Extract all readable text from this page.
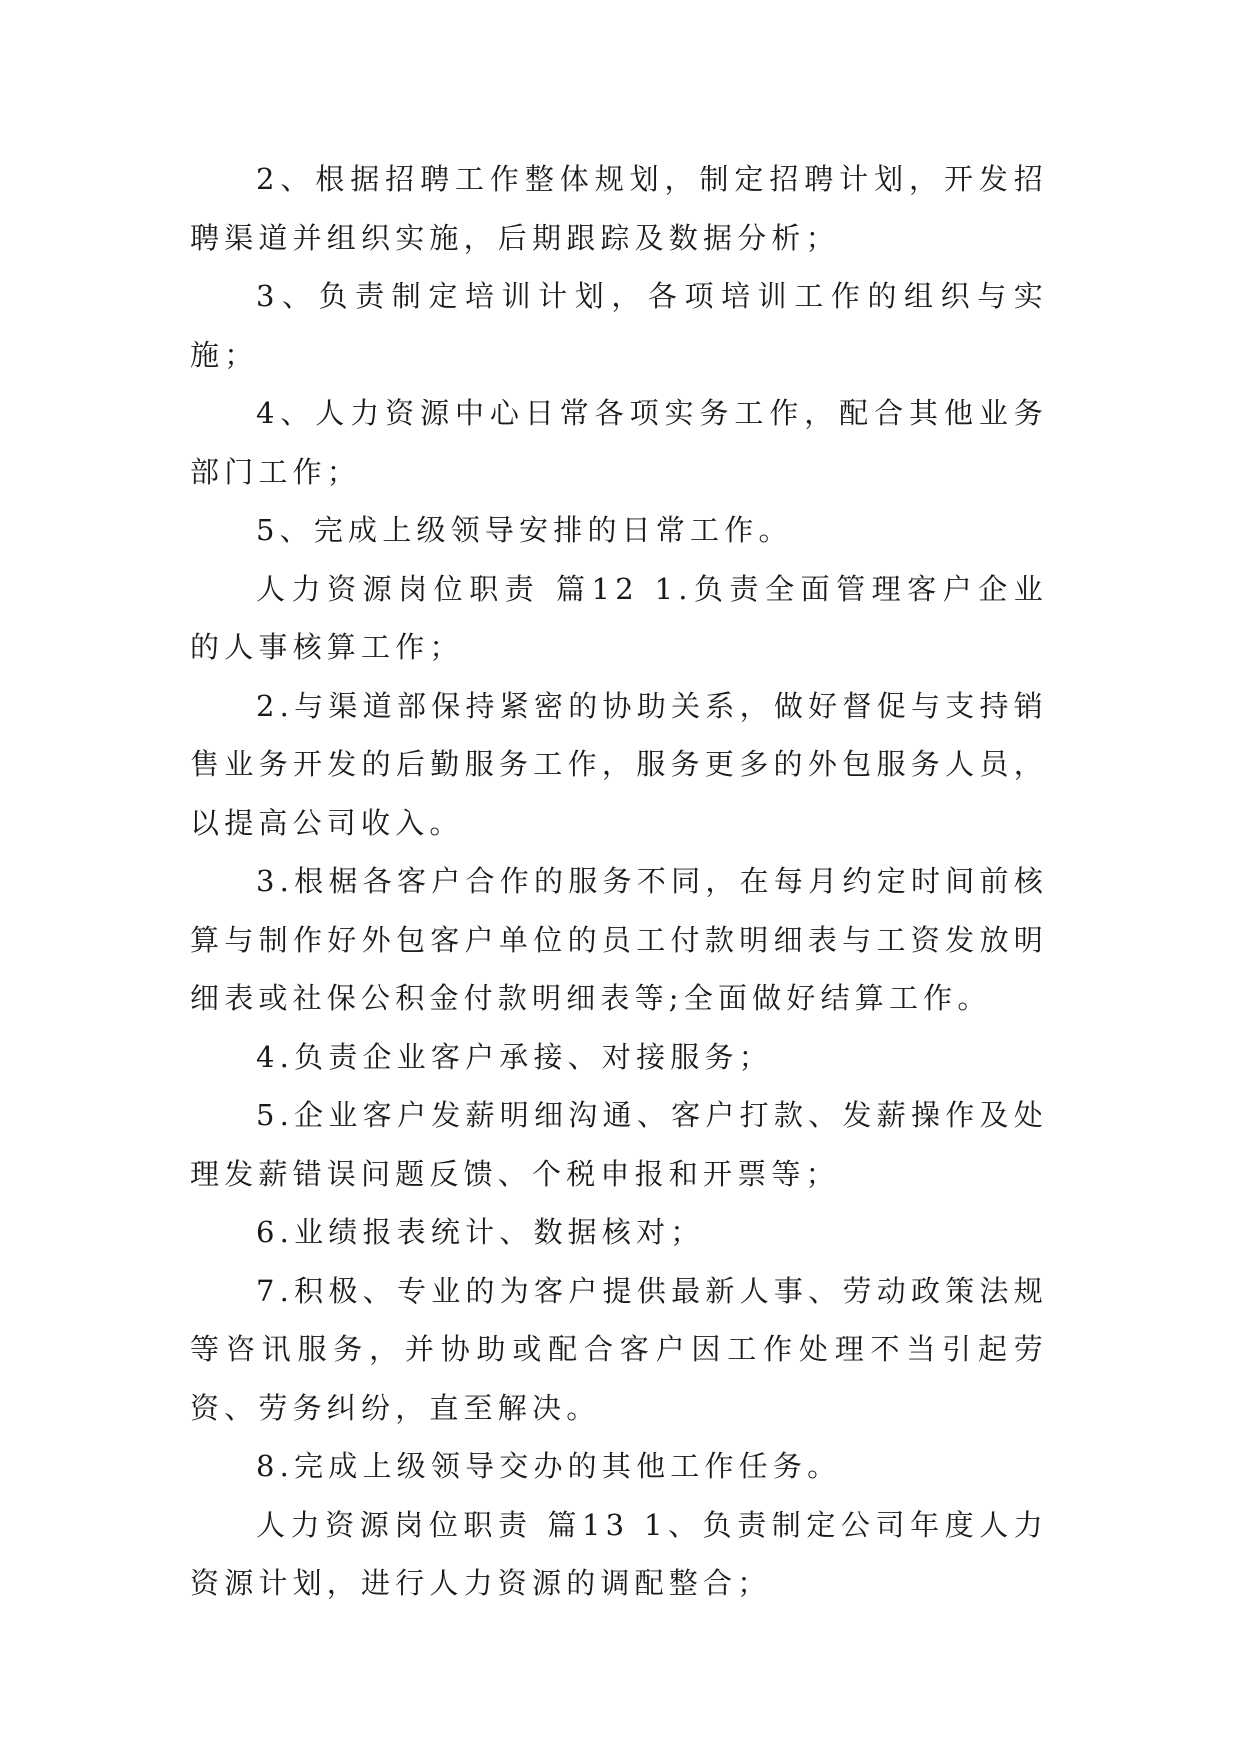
2、根据招聘工作整体规划，制定招聘计划，开发招聘渠道并组织实施，后期跟踪及数据分析；

3、负责制定培训计划，各项培训工作的组织与实施；

4、人力资源中心日常各项实务工作，配合其他业务部门工作；

5、完成上级领导安排的日常工作。

人力资源岗位职责 篇12 1.负责全面管理客户企业的人事核算工作；

2.与渠道部保持紧密的协助关系，做好督促与支持销售业务开发的后勤服务工作，服务更多的外包服务人员，以提高公司收入。

3.根椐各客户合作的服务不同，在每月约定时间前核算与制作好外包客户单位的员工付款明细表与工资发放明细表或社保公积金付款明细表等;全面做好结算工作。

4.负责企业客户承接、对接服务；

5.企业客户发薪明细沟通、客户打款、发薪操作及处理发薪错误问题反馈、个税申报和开票等；

6.业绩报表统计、数据核对；

7.积极、专业的为客户提供最新人事、劳动政策法规等咨讯服务，并协助或配合客户因工作处理不当引起劳资、劳务纠纷，直至解决。

8.完成上级领导交办的其他工作任务。

人力资源岗位职责 篇13 1、负责制定公司年度人力资源计划，进行人力资源的调配整合；
